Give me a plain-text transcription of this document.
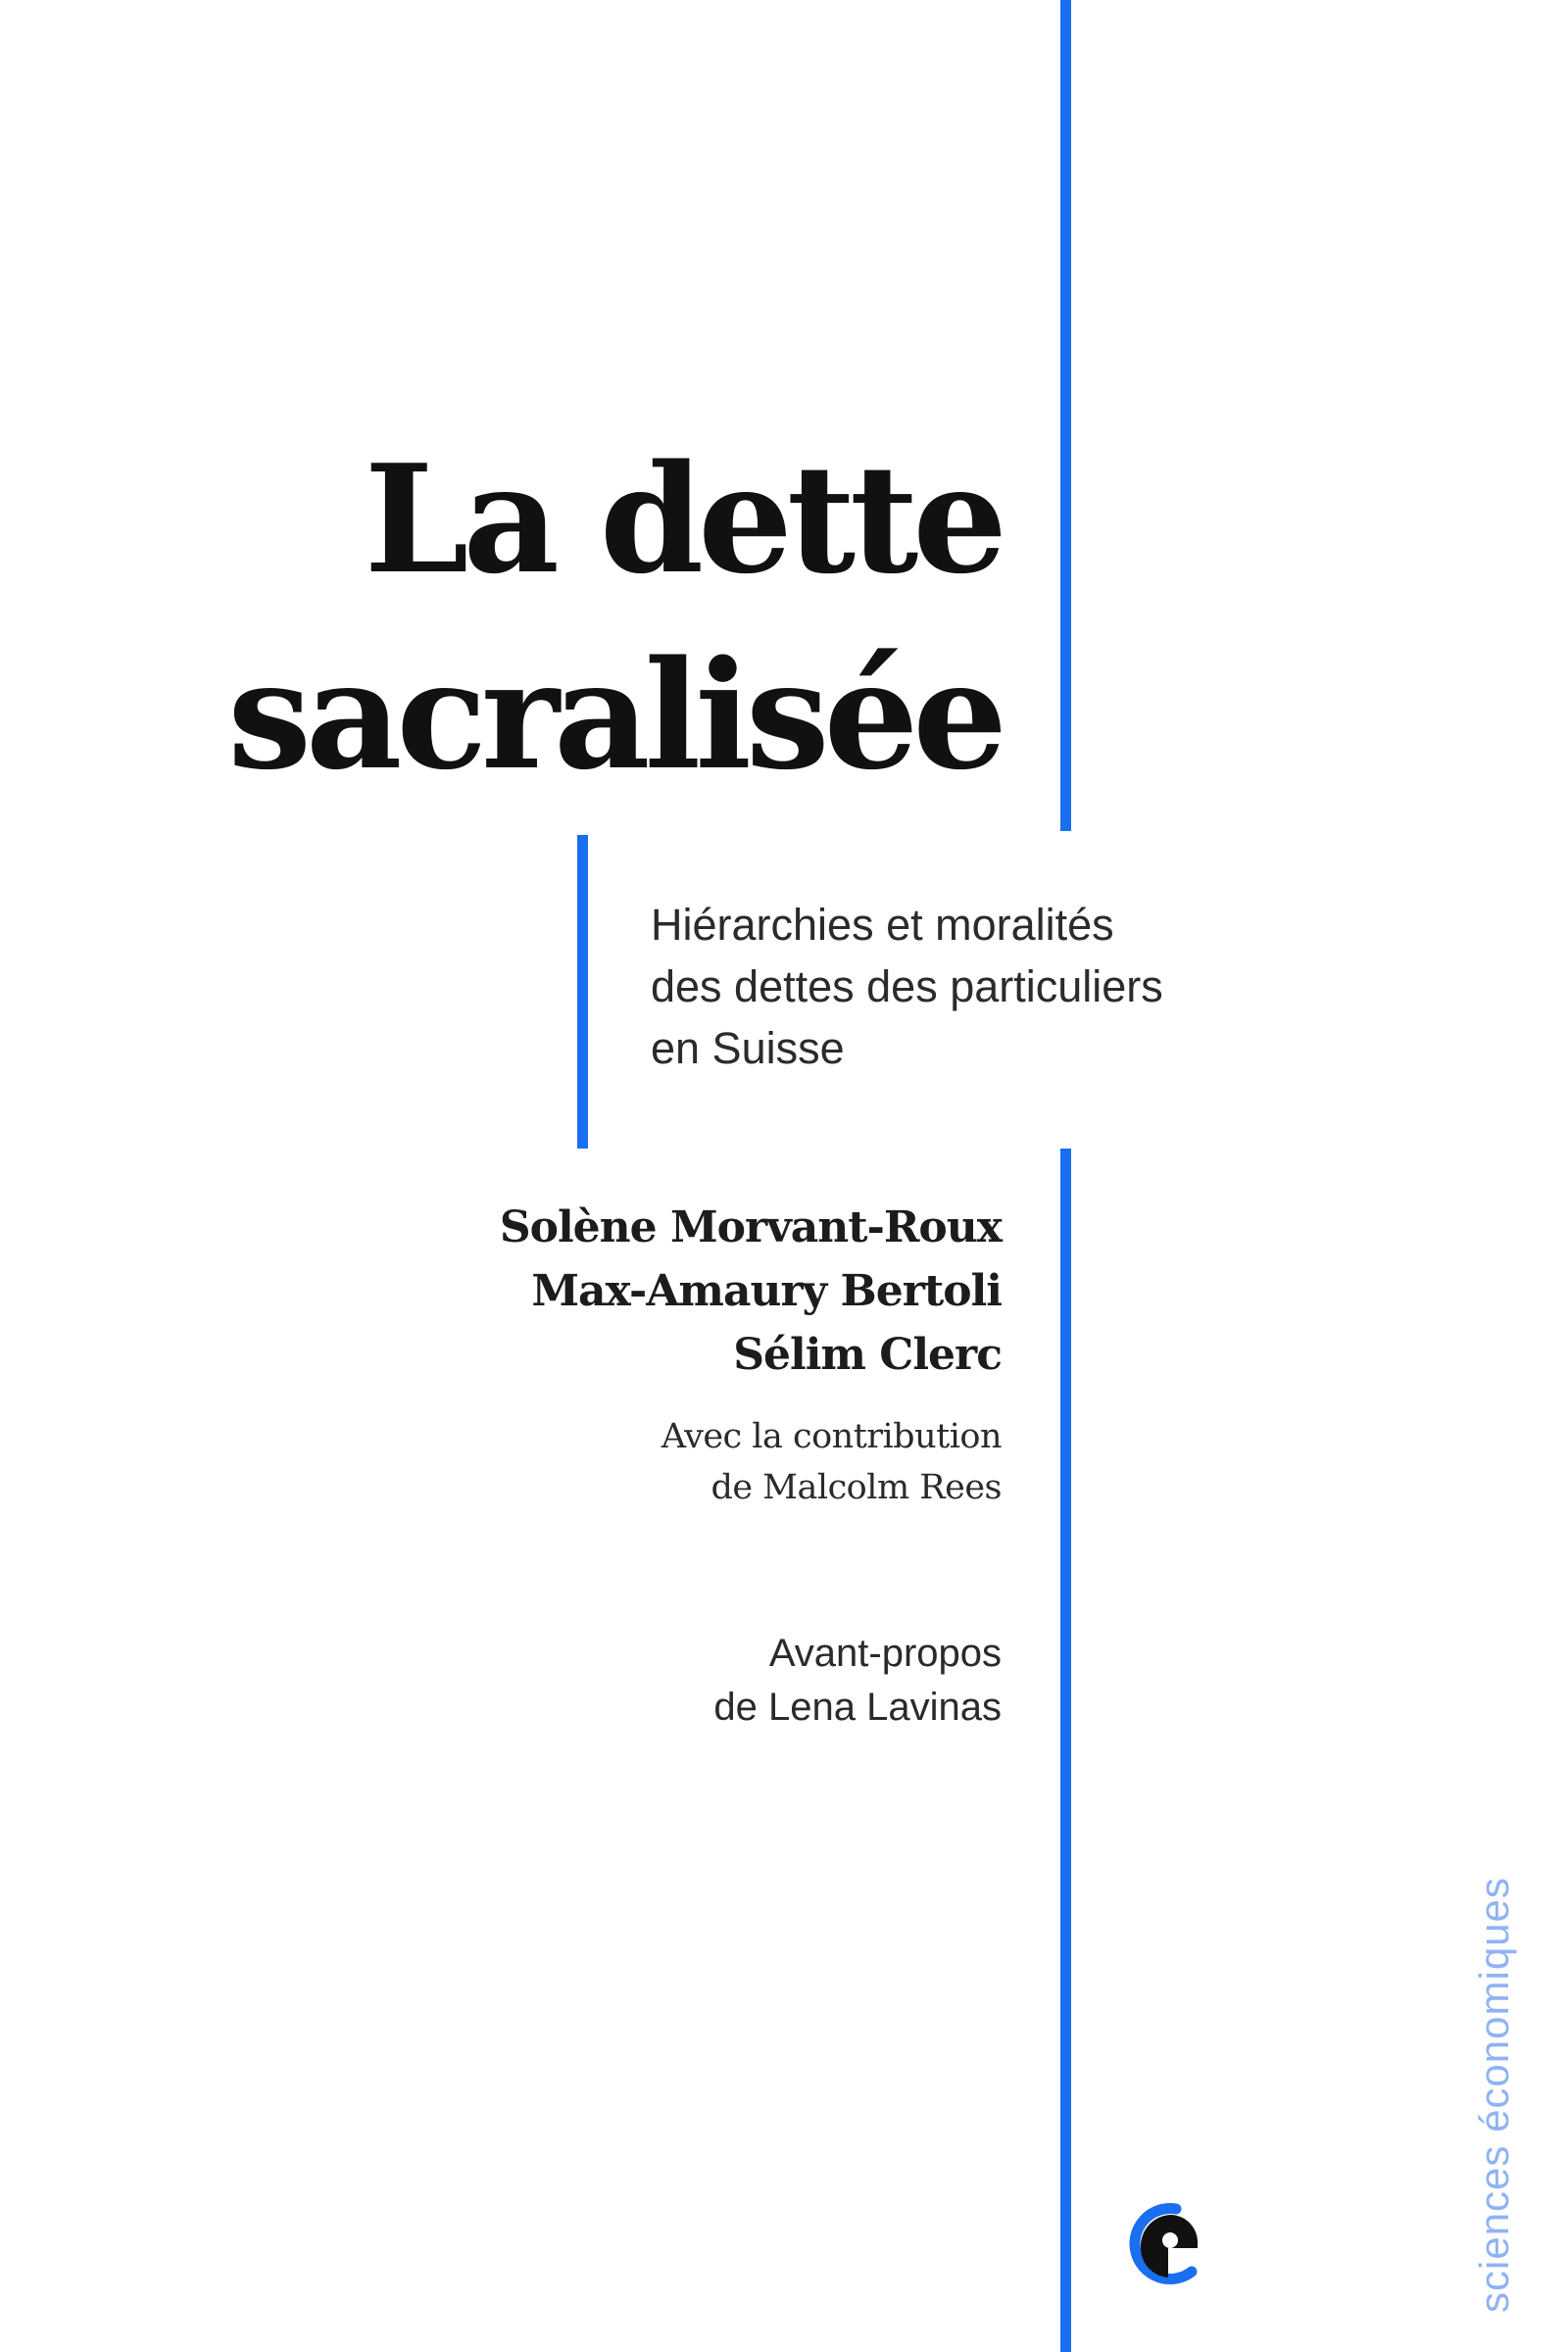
La dette
sacralisée
Hiérarchies et moralités
des dettes des particuliers
en Suisse
Solène Morvant-Roux
Max-Amaury Bertoli
Sélim Clerc
Avec la contribution
de Malcolm Rees
Avant-propos
de Lena Lavinas
sciences économiques
